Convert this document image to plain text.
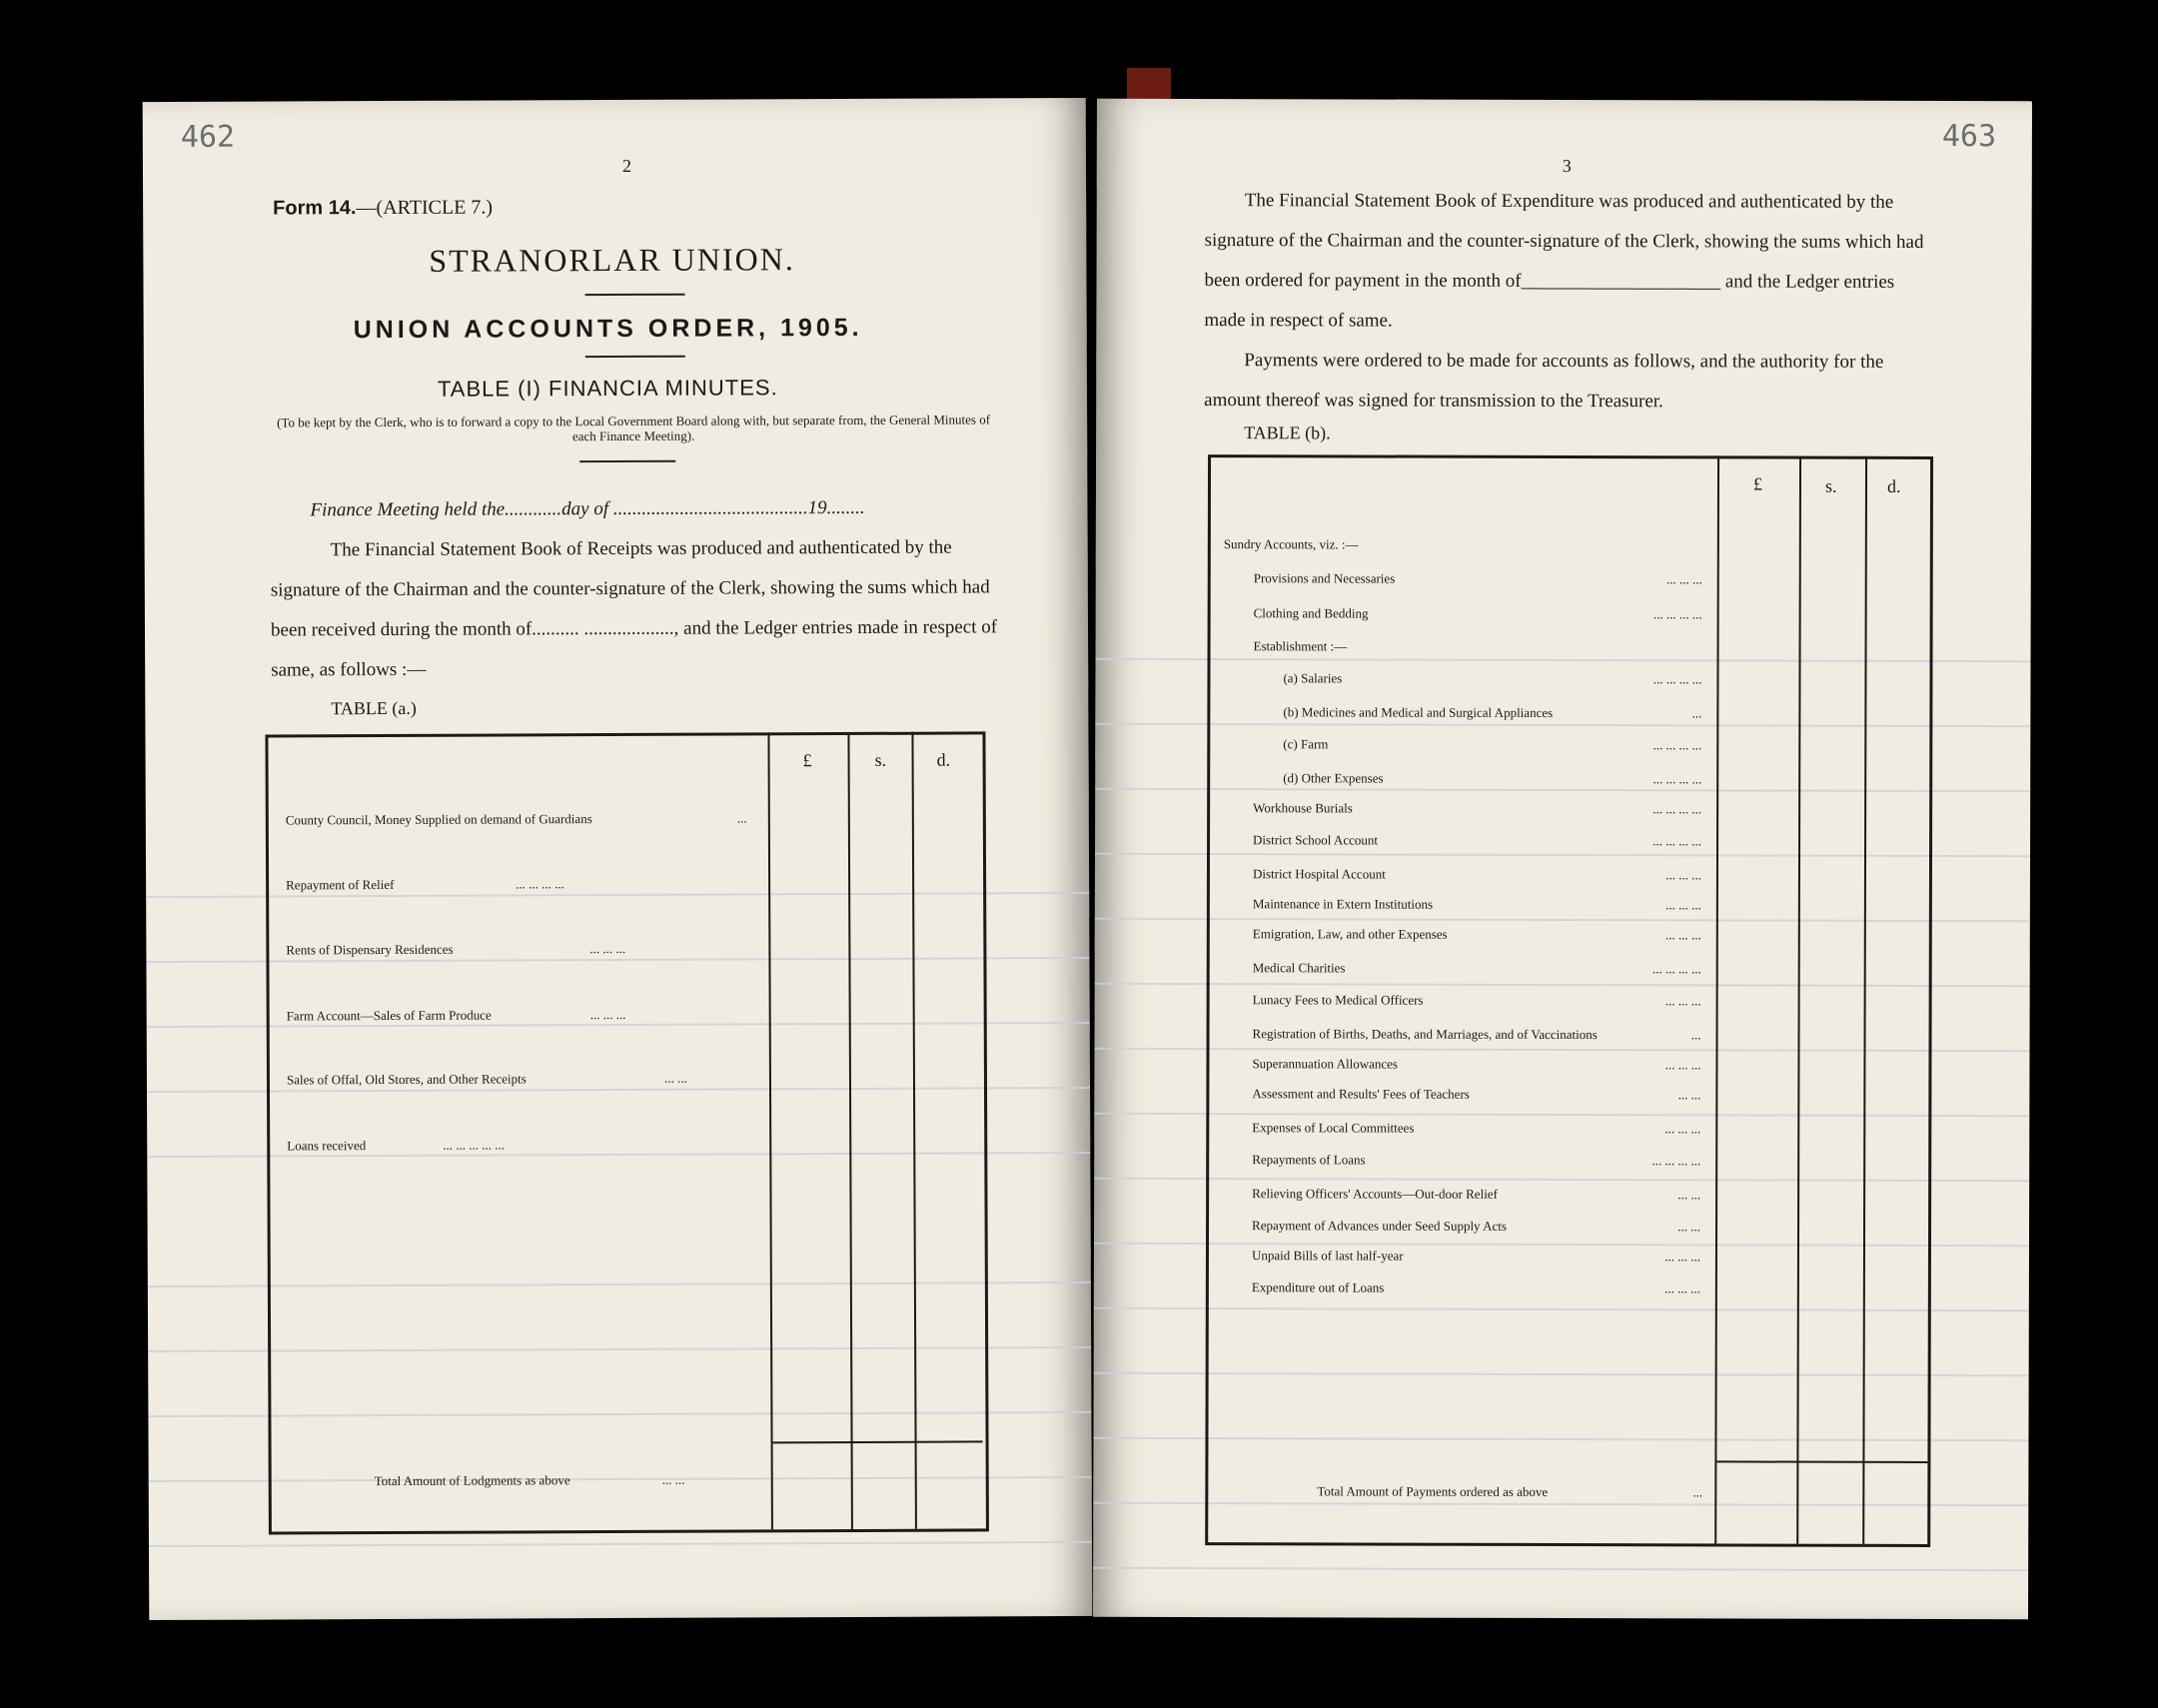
462
2
Form 14.—(ARTICLE 7.)
STRANORLAR UNION.
UNION ACCOUNTS ORDER, 1905.
TABLE (I) FINANCIA MINUTES.
(To be kept by the Clerk, who is to forward a copy to the Local Government Board along with, but separate from, the General Minutes of each Finance Meeting).
Finance Meeting held the............day of .........................................19........
The Financial Statement Book of Receipts was produced and authenticated by the signature of the Chairman and the counter-signature of the Clerk, showing the sums which had been received during the month of.......... ..................., and the Ledger entries made in respect of same, as follows :—
TABLE (a.)
£	s.	d.
County Council, Money Supplied on demand of Guardians	...
Repayment of Relief	... ... ... ...
Rents of Dispensary Residences	... ... ...
Farm Account—Sales of Farm Produce	... ... ...
Sales of Offal, Old Stores, and Other Receipts	... ...
Loans received	... ... ... ... ...
Total Amount of Lodgments as above	... ...
463
3
The Financial Statement Book of Expenditure was produced and authenticated by the signature of the Chairman and the counter-signature of the Clerk, showing the sums which had been ordered for payment in the month of_____________________ and the Ledger entries made in respect of same.
Payments were ordered to be made for accounts as follows, and the authority for the amount thereof was signed for transmission to the Treasurer.
TABLE (b).
£	s.	d.
Sundry Accounts, viz. :—
Provisions and Necessaries	... ... ...
Clothing and Bedding	... ... ... ...
Establishment :—
(a) Salaries	... ... ... ...
(b) Medicines and Medical and Surgical Appliances	...
(c) Farm	... ... ... ...
(d) Other Expenses	... ... ... ...
Workhouse Burials	... ... ... ...
District School Account	... ... ... ...
District Hospital Account	... ... ...
Maintenance in Extern Institutions	... ... ...
Emigration, Law, and other Expenses	... ... ...
Medical Charities	... ... ... ...
Lunacy Fees to Medical Officers	... ... ...
Registration of Births, Deaths, and Marriages, and of Vaccinations	...
Superannuation Allowances	... ... ...
Assessment and Results' Fees of Teachers	... ...
Expenses of Local Committees	... ... ...
Repayments of Loans	... ... ... ...
Relieving Officers' Accounts—Out-door Relief	... ...
Repayment of Advances under Seed Supply Acts	... ...
Unpaid Bills of last half-year	... ... ...
Expenditure out of Loans	... ... ...
Total Amount of Payments ordered as above	...
